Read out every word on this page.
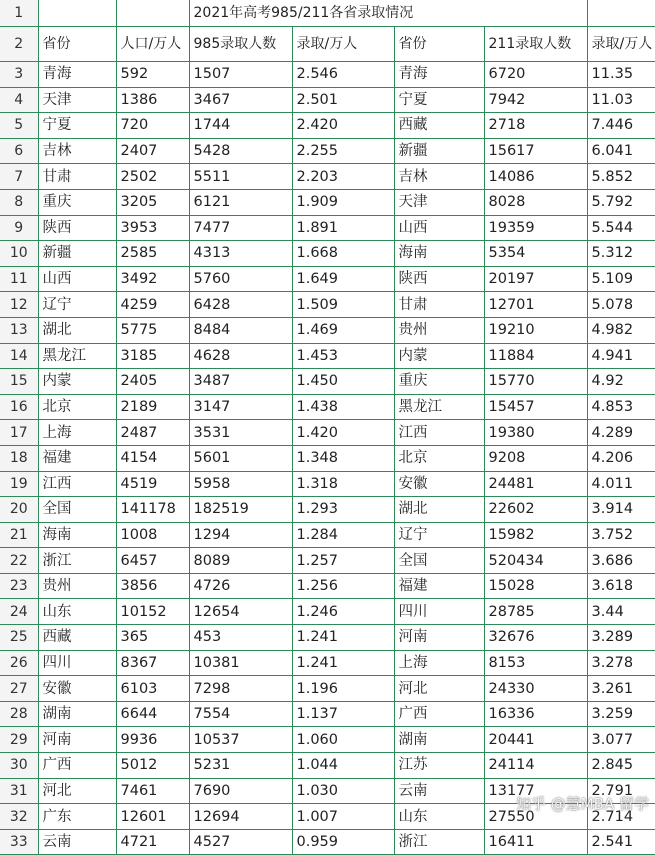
1			2021年高考985/211各省录取情况				
2	省份	人口/万人	985录取人数	录取/万人	省份	211录取人数	录取/万人
3	青海	592	1507	2.546	青海	6720	11.35
4	天津	1386	3467	2.501	宁夏	7942	11.03
5	宁夏	720	1744	2.420	西藏	2718	7.446
6	吉林	2407	5428	2.255	新疆	15617	6.041
7	甘肃	2502	5511	2.203	吉林	14086	5.852
8	重庆	3205	6121	1.909	天津	8028	5.792
9	陕西	3953	7477	1.891	山西	19359	5.544
10	新疆	2585	4313	1.668	海南	5354	5.312
11	山西	3492	5760	1.649	陕西	20197	5.109
12	辽宁	4259	6428	1.509	甘肃	12701	5.078
13	湖北	5775	8484	1.469	贵州	19210	4.982
14	黑龙江	3185	4628	1.453	内蒙	11884	4.941
15	内蒙	2405	3487	1.450	重庆	15770	4.92
16	北京	2189	3147	1.438	黑龙江	15457	4.853
17	上海	2487	3531	1.420	江西	19380	4.289
18	福建	4154	5601	1.348	北京	9208	4.206
19	江西	4519	5958	1.318	安徽	24481	4.011
20	全国	141178	182519	1.293	湖北	22602	3.914
21	海南	1008	1294	1.284	辽宁	15982	3.752
22	浙江	6457	8089	1.257	全国	520434	3.686
23	贵州	3856	4726	1.256	福建	15028	3.618
24	山东	10152	12654	1.246	四川	28785	3.44
25	西藏	365	453	1.241	河南	32676	3.289
26	四川	8367	10381	1.241	上海	8153	3.278
27	安徽	6103	7298	1.196	河北	24330	3.261
28	湖南	6644	7554	1.137	广西	16336	3.259
29	河南	9936	10537	1.060	湖南	20441	3.077
30	广西	5012	5231	1.044	江苏	24114	2.845
31	河北	7461	7690	1.030	云南	13177	2.791
32	广东	12601	12694	1.007	山东	27550	2.714
33	云南	4721	4527	0.959	浙江	16411	2.541
知乎 @慧MBA 留学
